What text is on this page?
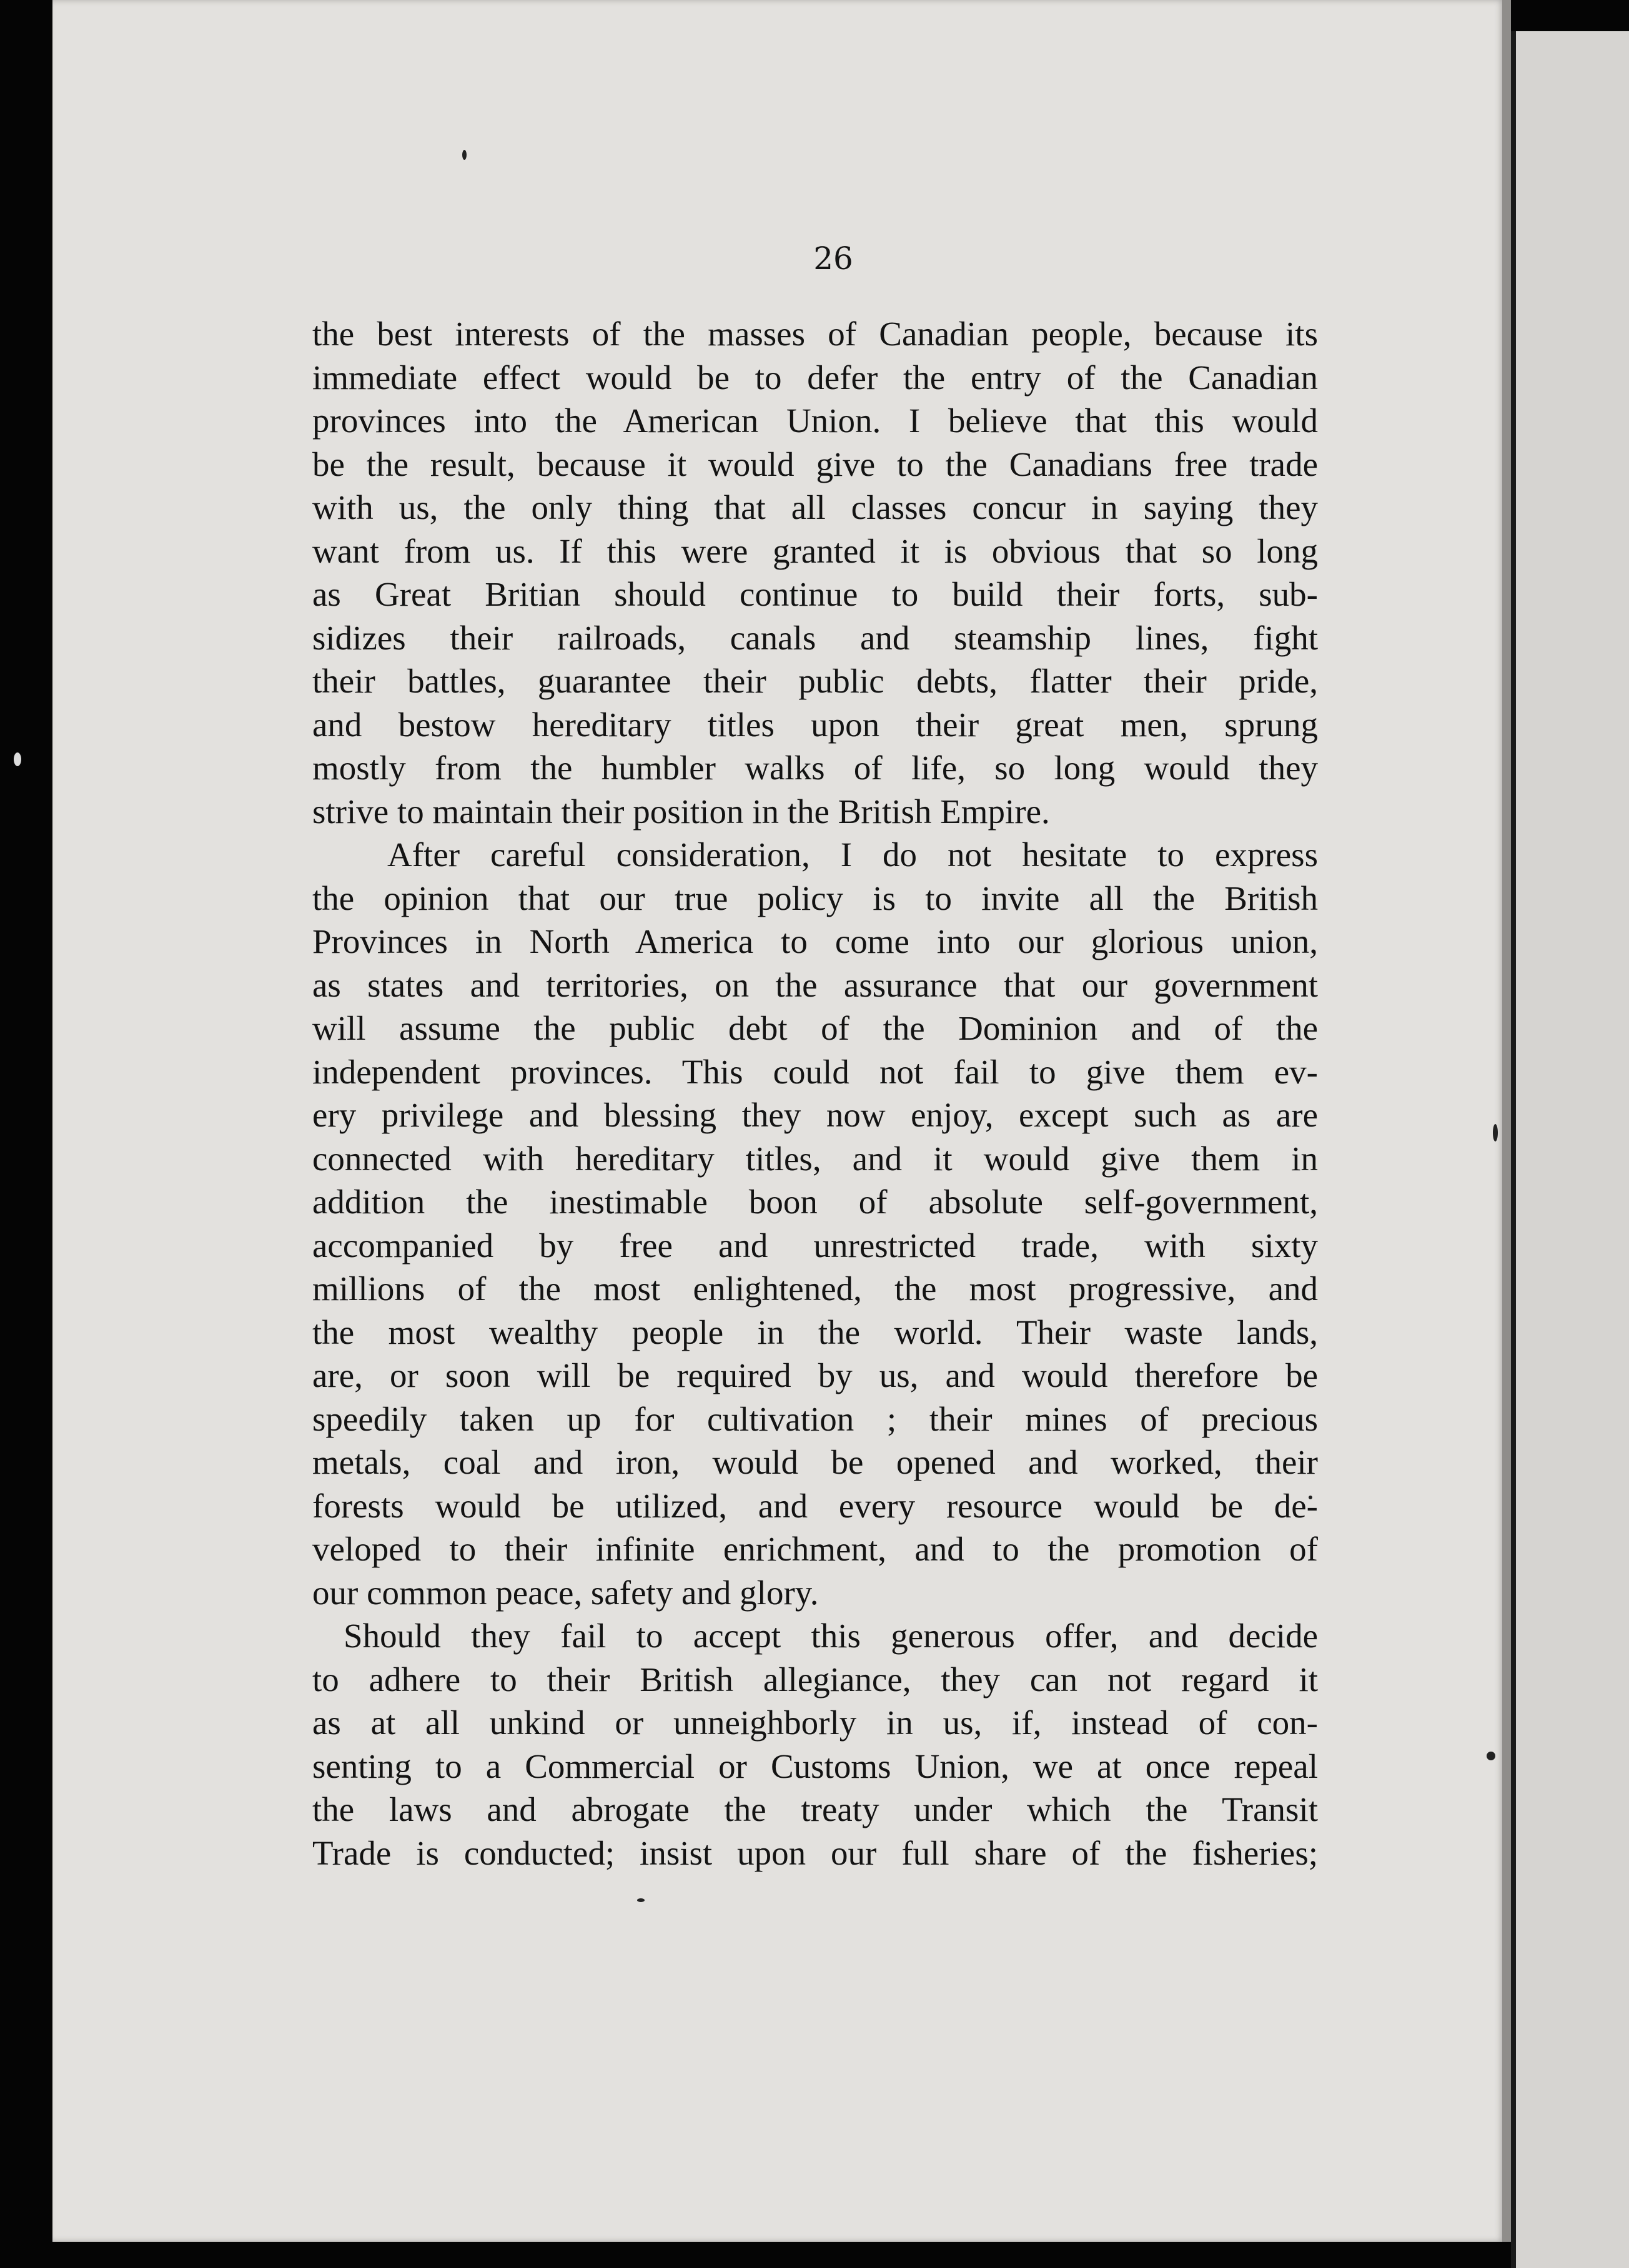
26
the best interests of the masses of Canadian people, because its
immediate effect would be to defer the entry of the Canadian
provinces into the American Union. I believe that this would
be the result, because it would give to the Canadians free trade
with us, the only thing that all classes concur in saying they
want from us. If this were granted it is obvious that so long
as Great Britian should continue to build their forts, sub-
sidizes their railroads, canals and steamship lines, fight
their battles, guarantee their public debts, flatter their pride,
and bestow hereditary titles upon their great men, sprung
mostly from the humbler walks of life, so long would they
strive to maintain their position in the British Empire.
After careful consideration, I do not hesitate to express
the opinion that our true policy is to invite all the British
Provinces in North America to come into our glorious union,
as states and territories, on the assurance that our government
will assume the public debt of the Dominion and of the
independent provinces. This could not fail to give them ev-
ery privilege and blessing they now enjoy, except such as are
connected with hereditary titles, and it would give them in
addition the inestimable boon of absolute self-government,
accompanied by free and unrestricted trade, with sixty
millions of the most enlightened, the most progressive, and
the most wealthy people in the world. Their waste lands,
are, or soon will be required by us, and would therefore be
speedily taken up for cultivation ; their mines of precious
metals, coal and iron, would be opened and worked, their
forests would be utilized, and every resource would be de-
veloped to their infinite enrichment, and to the promotion of
our common peace, safety and glory.
Should they fail to accept this generous offer, and decide
to adhere to their British allegiance, they can not regard it
as at all unkind or unneighborly in us, if, instead of con-
senting to a Commercial or Customs Union, we at once repeal
the laws and abrogate the treaty under which the Transit
Trade is conducted; insist upon our full share of the fisheries;
